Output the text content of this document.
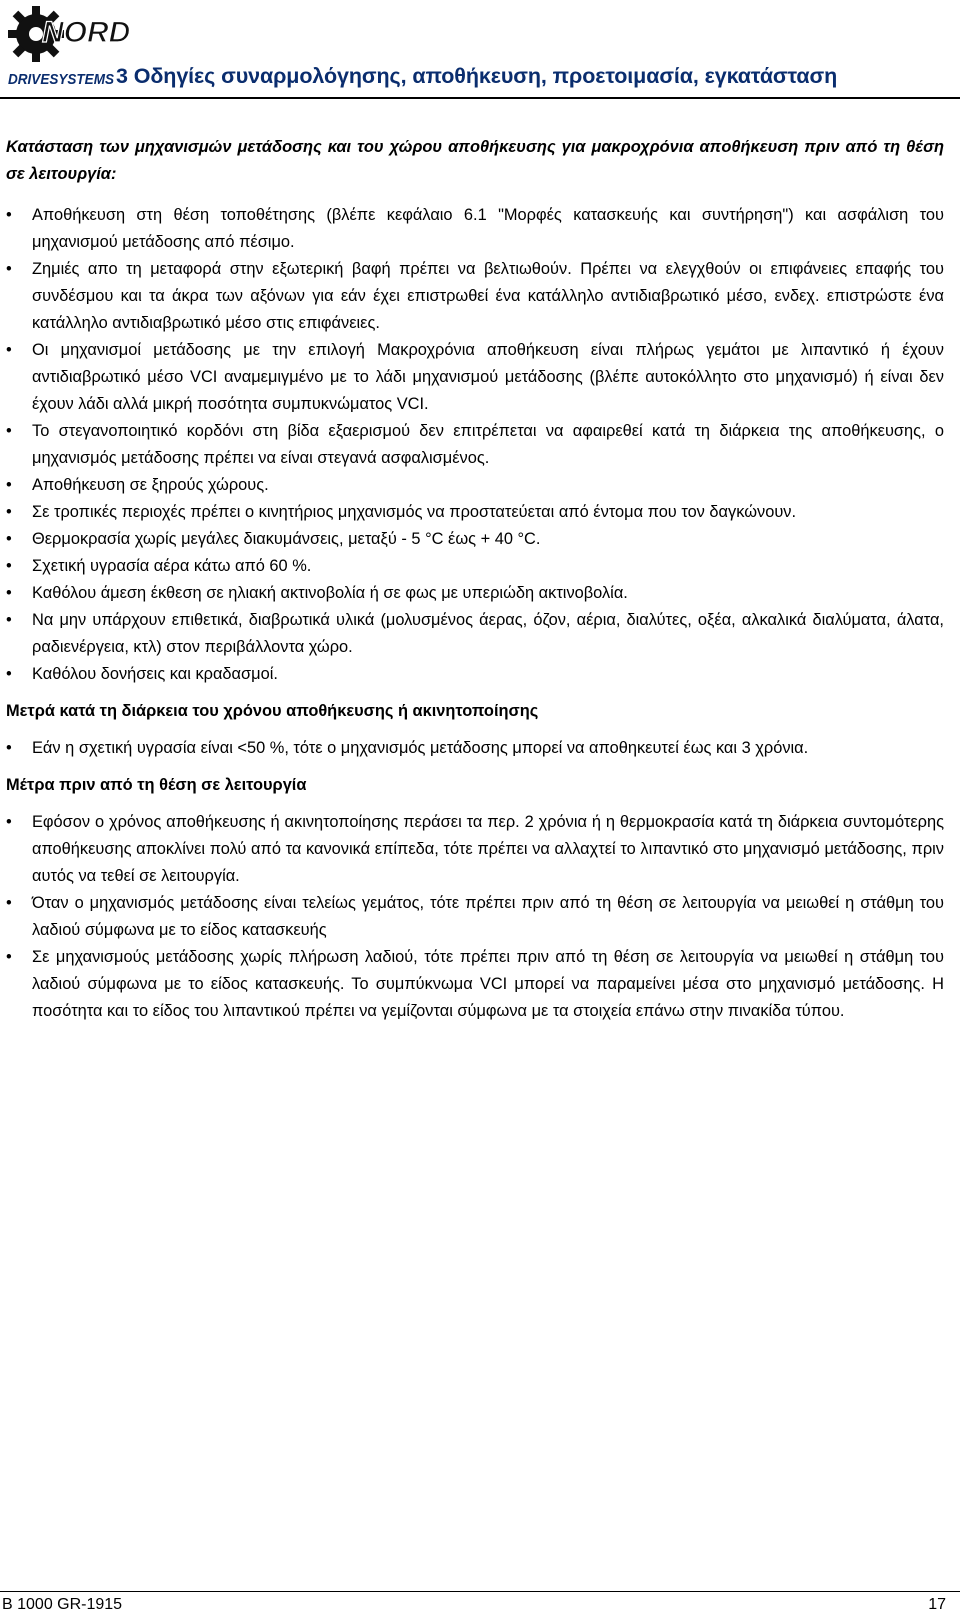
NORD
DRIVESYSTEMS 3 Οδηγίες συναρμολόγησης, αποθήκευση, προετοιμασία, εγκατάσταση

Κατάσταση των μηχανισμών μετάδοσης και του χώρου αποθήκευσης για μακροχρόνια αποθήκευση πριν από τη θέση σε λειτουργία:

• Αποθήκευση στη θέση τοποθέτησης (βλέπε κεφάλαιο 6.1 "Μορφές κατασκευής και συντήρηση") και ασφάλιση του μηχανισμού μετάδοσης από πέσιμο.
• Ζημιές απο τη μεταφορά στην εξωτερική βαφή πρέπει να βελτιωθούν. Πρέπει να ελεγχθούν οι επιφάνειες επαφής του συνδέσμου και τα άκρα των αξόνων για εάν έχει επιστρωθεί ένα κατάλληλο αντιδιαβρωτικό μέσο, ενδεχ. επιστρώστε ένα κατάλληλο αντιδιαβρωτικό μέσο στις επιφάνειες.
• Οι μηχανισμοί μετάδοσης με την επιλογή Μακροχρόνια αποθήκευση είναι πλήρως γεμάτοι με λιπαντικό ή έχουν αντιδιαβρωτικό μέσο VCI αναμεμιγμένο με το λάδι μηχανισμού μετάδοσης (βλέπε αυτοκόλλητο στο μηχανισμό) ή είναι δεν έχουν λάδι αλλά μικρή ποσότητα συμπυκνώματος VCI.
• Το στεγανοποιητικό κορδόνι στη βίδα εξαερισμού δεν επιτρέπεται να αφαιρεθεί κατά τη διάρκεια της αποθήκευσης, ο μηχανισμός μετάδοσης πρέπει να είναι στεγανά ασφαλισμένος.
• Αποθήκευση σε ξηρούς χώρους.
• Σε τροπικές περιοχές πρέπει ο κινητήριος μηχανισμός να προστατεύεται από έντομα που τον δαγκώνουν.
• Θερμοκρασία χωρίς μεγάλες διακυμάνσεις, μεταξύ - 5 °C έως + 40 °C.
• Σχετική υγρασία αέρα κάτω από 60 %.
• Καθόλου άμεση έκθεση σε ηλιακή ακτινοβολία ή σε φως με υπεριώδη ακτινοβολία.
• Να μην υπάρχουν επιθετικά, διαβρωτικά υλικά (μολυσμένος άερας, όζον, αέρια, διαλύτες, οξέα, αλκαλικά διαλύματα, άλατα, ραδιενέργεια, κτλ) στον περιβάλλοντα χώρο.
• Καθόλου δονήσεις και κραδασμοί.

Μετρά κατά τη διάρκεια του χρόνου αποθήκευσης ή ακινητοποίησης

• Εάν η σχετική υγρασία είναι <50 %, τότε ο μηχανισμός μετάδοσης μπορεί να αποθηκευτεί έως και 3 χρόνια.

Μέτρα πριν από τη θέση σε λειτουργία

• Εφόσον ο χρόνος αποθήκευσης ή ακινητοποίησης περάσει τα περ. 2 χρόνια ή η θερμοκρασία κατά τη διάρκεια συντομότερης αποθήκευσης αποκλίνει πολύ από τα κανονικά επίπεδα, τότε πρέπει να αλλαχτεί το λιπαντικό στο μηχανισμό μετάδοσης, πριν αυτός να τεθεί σε λειτουργία.
• Όταν ο μηχανισμός μετάδοσης είναι τελείως γεμάτος, τότε πρέπει πριν από τη θέση σε λειτουργία να μειωθεί η στάθμη του λαδιού σύμφωνα με το είδος κατασκευής
• Σε μηχανισμούς μετάδοσης χωρίς πλήρωση λαδιού, τότε πρέπει πριν από τη θέση σε λειτουργία να μειωθεί η στάθμη του λαδιού σύμφωνα με το είδος κατασκευής. Το συμπύκνωμα VCI μπορεί να παραμείνει μέσα στο μηχανισμό μετάδοσης. Η ποσότητα και το είδος του λιπαντικού πρέπει να γεμίζονται σύμφωνα με τα στοιχεία επάνω στην πινακίδα τύπου.
B 1000 GR-1915	17
